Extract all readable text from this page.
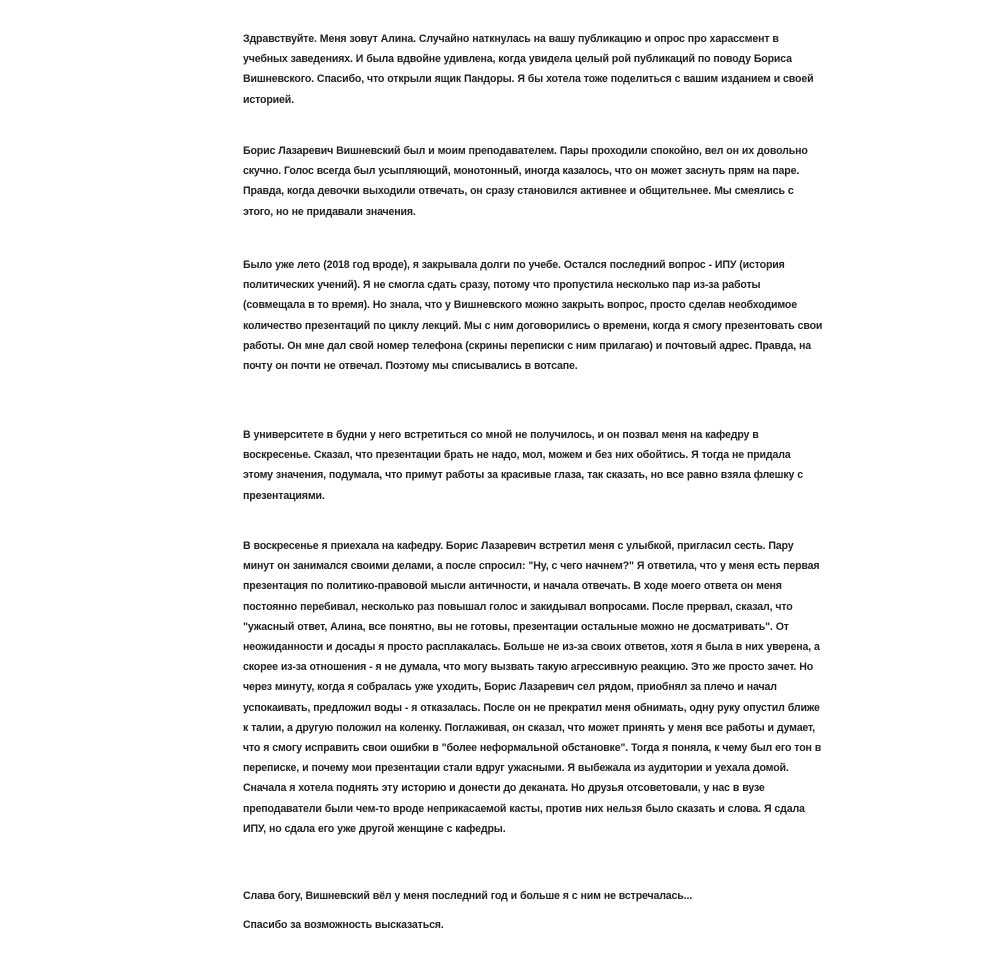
Здравствуйте. Меня зовут Алина. Случайно наткнулась на вашу публикацию и опрос про харассмент в учебных заведениях. И была вдвойне удивлена, когда увидела целый рой публикаций по поводу Бориса Вишневского. Спасибо, что открыли ящик Пандоры. Я бы хотела тоже поделиться с вашим изданием и своей историей.

Борис Лазаревич Вишневский был и моим преподавателем. Пары проходили спокойно, вел он их довольно скучно. Голос всегда был усыпляющий, монотонный, иногда казалось, что он может заснуть прям на паре. Правда, когда девочки выходили отвечать, он сразу становился активнее и общительнее. Мы смеялись с этого, но не придавали значения.

Было уже лето (2018 год вроде), я закрывала долги по учебе. Остался последний вопрос - ИПУ (история политических учений). Я не смогла сдать сразу, потому что пропустила несколько пар из-за работы (совмещала в то время). Но знала, что у Вишневского можно закрыть вопрос, просто сделав необходимое количество презентаций по циклу лекций. Мы с ним договорились о времени, когда я смогу презентовать свои работы. Он мне дал свой номер телефона (скрины переписки с ним прилагаю) и почтовый адрес. Правда, на почту он почти не отвечал. Поэтому мы списывались в вотсапе.

В университете в будни у него встретиться со мной не получилось, и он позвал меня на кафедру в воскресенье. Сказал, что презентации брать не надо, мол, можем и без них обойтись. Я тогда не придала этому значения, подумала, что примут работы за красивые глаза, так сказать, но все равно взяла флешку с презентациями.

В воскресенье я приехала на кафедру. Борис Лазаревич встретил меня с улыбкой, пригласил сесть. Пару минут он занимался своими делами, а после спросил: "Ну, с чего начнем?" Я ответила, что у меня есть первая презентация по политико-правовой мысли античности, и начала отвечать. В ходе моего ответа он меня постоянно перебивал, несколько раз повышал голос и закидывал вопросами. После прервал, сказал, что "ужасный ответ, Алина, все понятно, вы не готовы, презентации остальные можно не досматривать". От неожиданности и досады я просто расплакалась. Больше не из-за своих ответов, хотя я была в них уверена, а скорее из-за отношения - я не думала, что могу вызвать такую агрессивную реакцию. Это же просто зачет. Но через минуту, когда я собралась уже уходить, Борис Лазаревич сел рядом, приобнял за плечо и начал успокаивать, предложил воды - я отказалась. После он не прекратил меня обнимать, одну руку опустил ближе к талии, а другую положил на коленку. Поглаживая, он сказал, что может принять у меня все работы и думает, что я смогу исправить свои ошибки в "более неформальной обстановке". Тогда я поняла, к чему был его тон в переписке, и почему мои презентации стали вдруг ужасными. Я выбежала из аудитории и уехала домой. Сначала я хотела поднять эту историю и донести до деканата. Но друзья отсоветовали, у нас в вузе преподаватели были чем-то вроде неприкасаемой касты, против них нельзя было сказать и слова. Я сдала ИПУ, но сдала его уже другой женщине с кафедры.

Слава богу, Вишневский вёл у меня последний год и больше я с ним не встречалась...

Спасибо за возможность высказаться.
